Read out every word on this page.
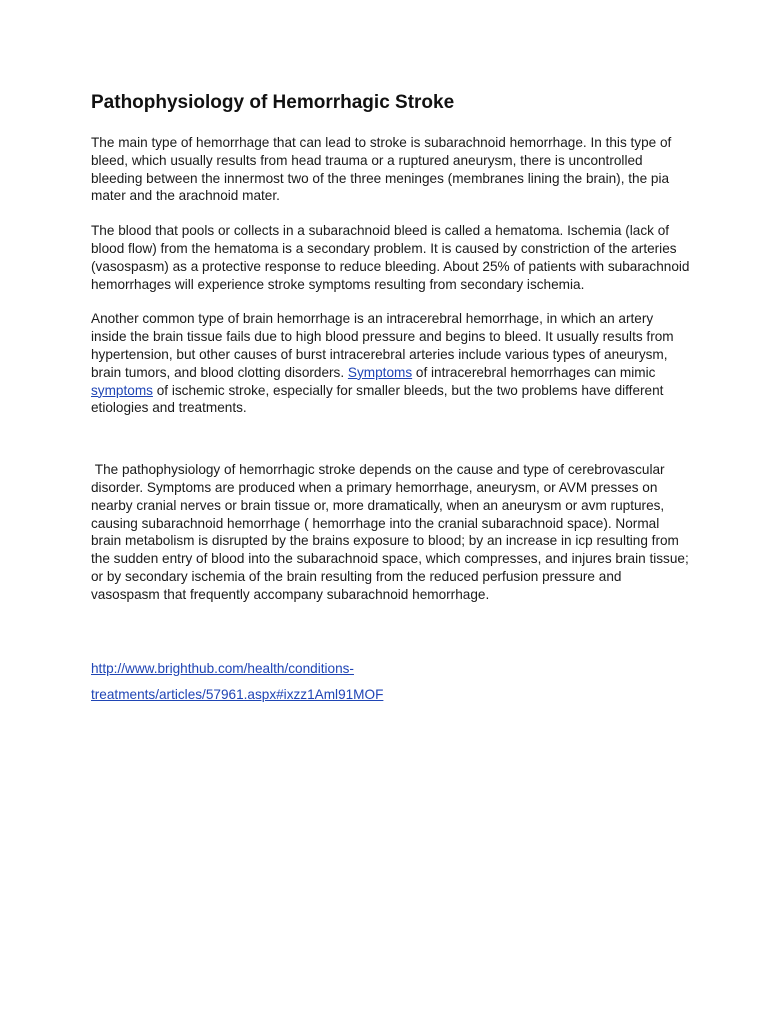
Pathophysiology of Hemorrhagic Stroke

The main type of hemorrhage that can lead to stroke is subarachnoid hemorrhage. In this type of bleed, which usually results from head trauma or a ruptured aneurysm, there is uncontrolled bleeding between the innermost two of the three meninges (membranes lining the brain), the pia mater and the arachnoid mater.

The blood that pools or collects in a subarachnoid bleed is called a hematoma. Ischemia (lack of blood flow) from the hematoma is a secondary problem. It is caused by constriction of the arteries (vasospasm) as a protective response to reduce bleeding. About 25% of patients with subarachnoid hemorrhages will experience stroke symptoms resulting from secondary ischemia.

Another common type of brain hemorrhage is an intracerebral hemorrhage, in which an artery inside the brain tissue fails due to high blood pressure and begins to bleed. It usually results from hypertension, but other causes of burst intracerebral arteries include various types of aneurysm, brain tumors, and blood clotting disorders. Symptoms of intracerebral hemorrhages can mimic symptoms of ischemic stroke, especially for smaller bleeds, but the two problems have different etiologies and treatments.

The pathophysiology of hemorrhagic stroke depends on the cause and type of cerebrovascular disorder. Symptoms are produced when a primary hemorrhage, aneurysm, or AVM presses on nearby cranial nerves or brain tissue or, more dramatically, when an aneurysm or avm ruptures, causing subarachnoid hemorrhage ( hemorrhage into the cranial subarachnoid space). Normal brain metabolism is disrupted by the brains exposure to blood; by an increase in icp resulting from the sudden entry of blood into the subarachnoid space, which compresses, and injures brain tissue; or by secondary ischemia of the brain resulting from the reduced perfusion pressure and vasospasm that frequently accompany subarachnoid hemorrhage.

http://www.brighthub.com/health/conditions-
treatments/articles/57961.aspx#ixzz1Aml91MOF
